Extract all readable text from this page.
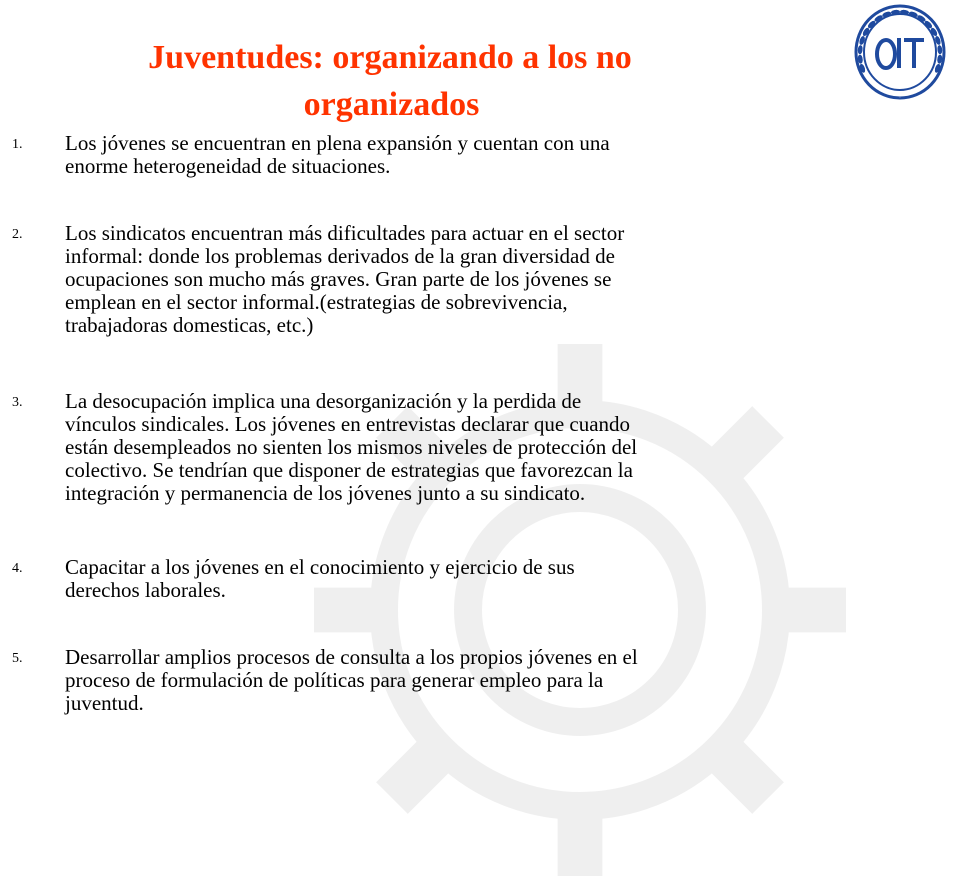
OIT
Juventudes: organizando a los no
organizados
1.	Los jóvenes se encuentran en plena expansión y cuentan con una
enorme heterogeneidad de situaciones.
2.	Los sindicatos encuentran más dificultades para actuar en el sector
informal: donde los problemas derivados de la gran diversidad de
ocupaciones son mucho más graves. Gran parte de los jóvenes se
emplean en el sector informal.(estrategias de sobrevivencia,
trabajadoras domesticas, etc.)
3.	La desocupación implica una desorganización y la perdida de
vínculos sindicales. Los jóvenes en entrevistas declarar que cuando
están desempleados no sienten los mismos niveles de protección del
colectivo. Se tendrían que disponer de estrategias que favorezcan la
integración y permanencia de los jóvenes junto a su sindicato.
4.	Capacitar a los jóvenes en el conocimiento y ejercicio de sus
derechos laborales.
5.	Desarrollar amplios procesos de consulta a los propios jóvenes en el
proceso de formulación de políticas para generar empleo para la
juventud.
